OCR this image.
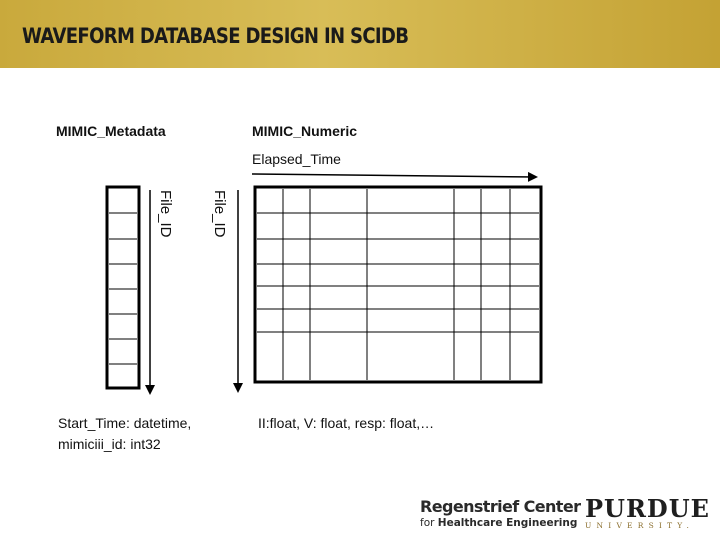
WAVEFORM DATABASE DESIGN IN SCIDB
MIMIC_Metadata	MIMIC_Numeric
Elapsed_Time
File_ID File_ID
Start_Time: datetime,
mimiciii_id: int32
II:float, V: float, resp: float,…
Regenstrief Center
for Healthcare Engineering PURDUE
UNIVERSITY.
